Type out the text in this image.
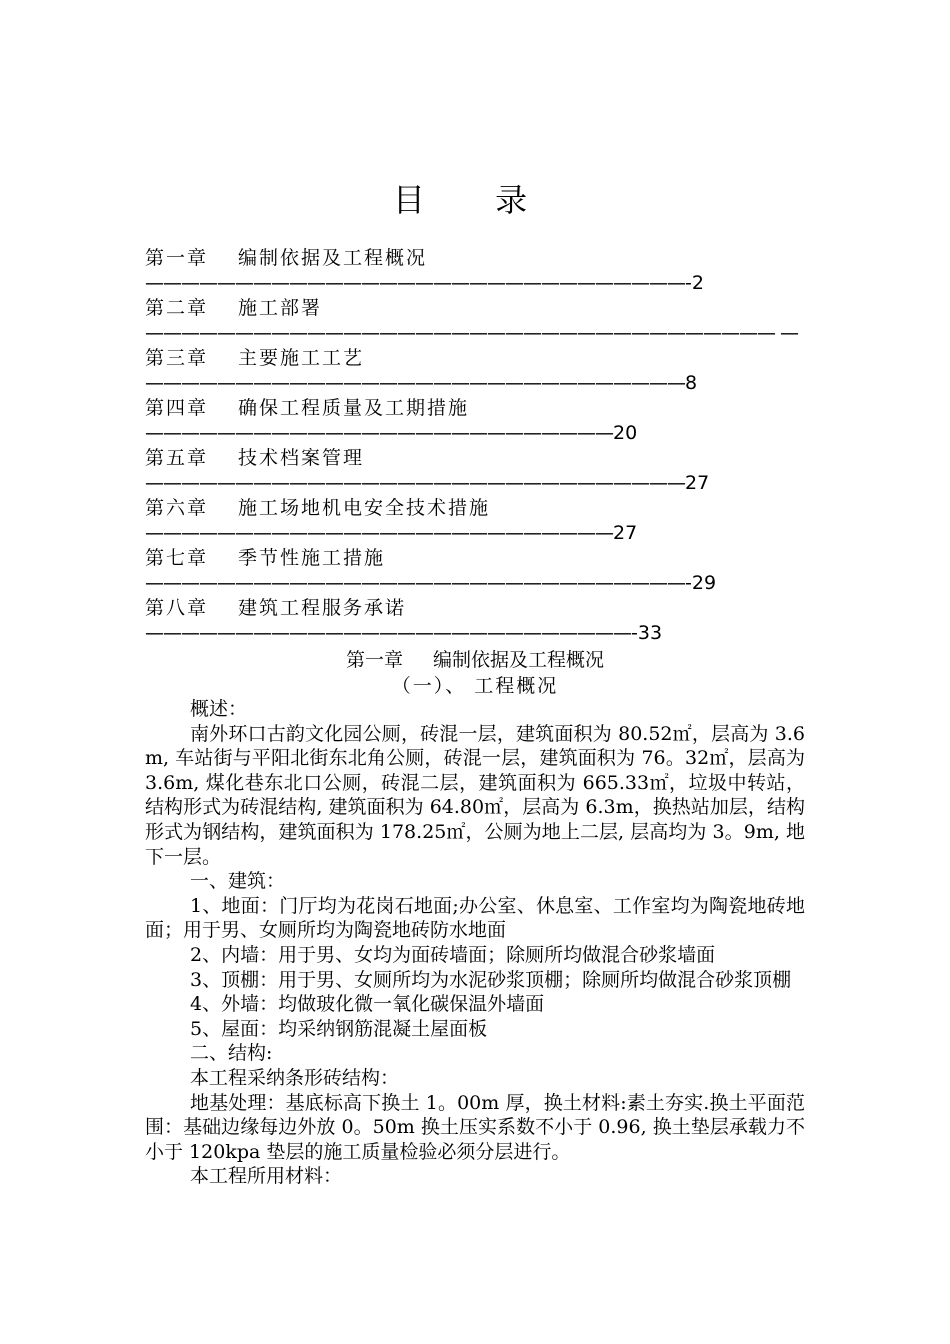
目 录
第一章 编制依据及工程概况——————————————————————————————-2
第二章 施工部署——————————————————————————————————— —
第三章 主要施工工艺——————————————————————————————8
第四章 确保工程质量及工期措施——————————————————————————20
第五章 技术档案管理——————————————————————————————27
第六章 施工场地机电安全技术措施——————————————————————————27
第七章 季节性施工措施——————————————————————————————-29
第八章 建筑工程服务承诺———————————————————————————-33
第一章 编制依据及工程概况
（一）、 工程概况

概述：

南外环口古韵文化园公厕，砖混一层，建筑面积为 80.52㎡，层高为 3.6m, 车站街与平阳北街东北角公厕，砖混一层，建筑面积为 76。32㎡，层高为 3.6m, 煤化巷东北口公厕，砖混二层，建筑面积为 665.33㎡，垃圾中转站，结构形式为砖混结构, 建筑面积为 64.80㎡，层高为 6.3m，换热站加层，结构形式为钢结构，建筑面积为 178.25㎡，公厕为地上二层, 层高均为 3。9m, 地下一层。

一、建筑：

1、地面：门厅均为花岗石地面;办公室、休息室、工作室均为陶瓷地砖地面；用于男、女厕所均为陶瓷地砖防水地面

2、内墙：用于男、女均为面砖墙面；除厕所均做混合砂浆墙面

3、顶棚：用于男、女厕所均为水泥砂浆顶棚；除厕所均做混合砂浆顶棚

4、外墙：均做玻化微一氧化碳保温外墙面

5、屋面：均采纳钢筋混凝土屋面板

二、结构:

本工程采纳条形砖结构：

地基处理：基底标高下换土 1。00m 厚，换土材料:素土夯实.换土平面范围：基础边缘每边外放 0。50m 换土压实系数不小于 0.96, 换土垫层承载力不小于 120kpa 垫层的施工质量检验必须分层进行。

本工程所用材料：
